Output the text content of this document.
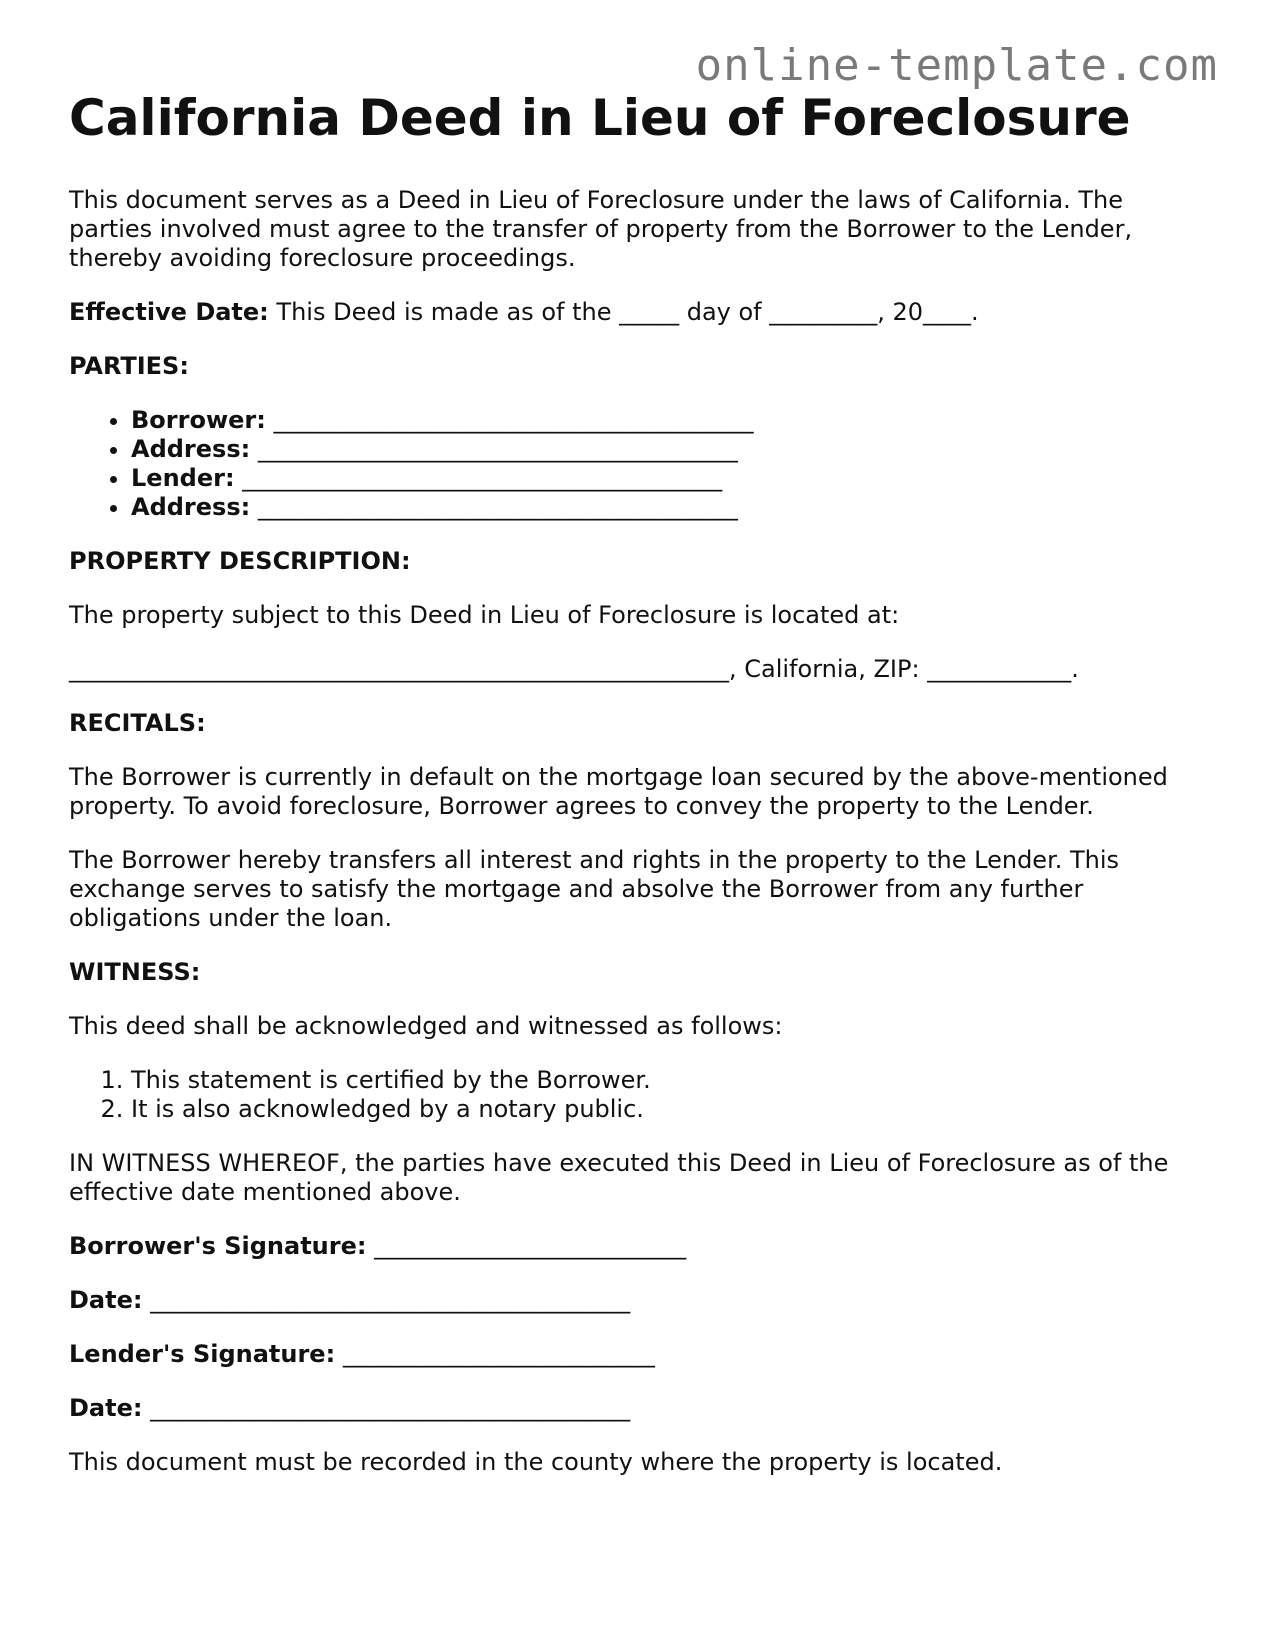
online-template.com
California Deed in Lieu of Foreclosure

This document serves as a Deed in Lieu of Foreclosure under the laws of California. The parties involved must agree to the transfer of property from the Borrower to the Lender, thereby avoiding foreclosure proceedings.

Effective Date: This Deed is made as of the _____ day of _________, 20____.

PARTIES:

• Borrower: ________________________________________
• Address: ________________________________________
• Lender: ________________________________________
• Address: ________________________________________

PROPERTY DESCRIPTION:

The property subject to this Deed in Lieu of Foreclosure is located at:

_______________________________________________________, California, ZIP: ____________.

RECITALS:

The Borrower is currently in default on the mortgage loan secured by the above-mentioned property. To avoid foreclosure, Borrower agrees to convey the property to the Lender.

The Borrower hereby transfers all interest and rights in the property to the Lender. This exchange serves to satisfy the mortgage and absolve the Borrower from any further obligations under the loan.

WITNESS:

This deed shall be acknowledged and witnessed as follows:

1. This statement is certified by the Borrower.
2. It is also acknowledged by a notary public.

IN WITNESS WHEREOF, the parties have executed this Deed in Lieu of Foreclosure as of the effective date mentioned above.

Borrower's Signature: __________________________

Date: ________________________________________

Lender's Signature: __________________________

Date: ________________________________________

This document must be recorded in the county where the property is located.
